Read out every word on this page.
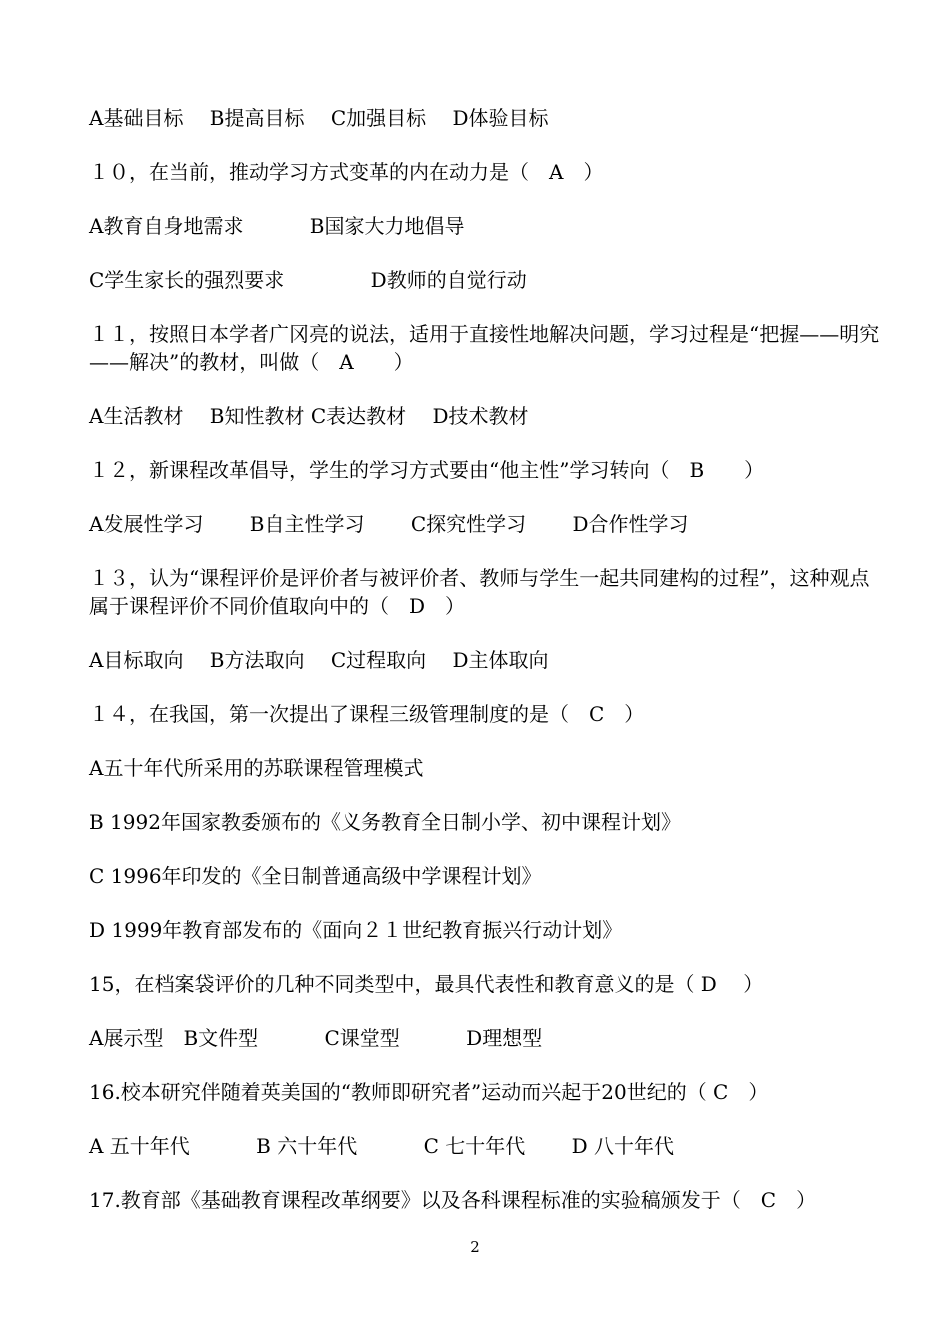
A基础目标　 B提高目标　 C加强目标　 D体验目标
１０，在当前，推动学习方式变革的内在动力是（　A　）
A教育自身地需求　　　 B国家大力地倡导
C学生家长的强烈要求　　　　 D教师的自觉行动
１１，按照日本学者广冈亮的说法，适用于直接性地解决问题，学习过程是“把握——明究——解决”的教材，叫做（　A　　）
A生活教材　 B知性教材 C表达教材　 D技术教材
１２，新课程改革倡导，学生的学习方式要由“他主性”学习转向（　B　　）
A发展性学习　　 B自主性学习　　 C探究性学习　　 D合作性学习
１３，认为“课程评价是评价者与被评价者、教师与学生一起共同建构的过程”，这种观点属于课程评价不同价值取向中的（　D　）
A目标取向　 B方法取向　 C过程取向　 D主体取向
１４，在我国，第一次提出了课程三级管理制度的是（　C　）
A五十年代所采用的苏联课程管理模式
B 1992年国家教委颁布的《义务教育全日制小学、初中课程计划》
C 1996年印发的《全日制普通高级中学课程计划》
D 1999年教育部发布的《面向２１世纪教育振兴行动计划》
15，在档案袋评价的几种不同类型中，最具代表性和教育意义的是（ D　 ）
A展示型　B文件型　　　 C课堂型　　　 D理想型
16.校本研究伴随着英美国的“教师即研究者”运动而兴起于20世纪的（ C　）
A 五十年代　　　 B 六十年代　　　 C 七十年代　　 D 八十年代
17.教育部《基础教育课程改革纲要》以及各科课程标准的实验稿颁发于（　C　）
2
